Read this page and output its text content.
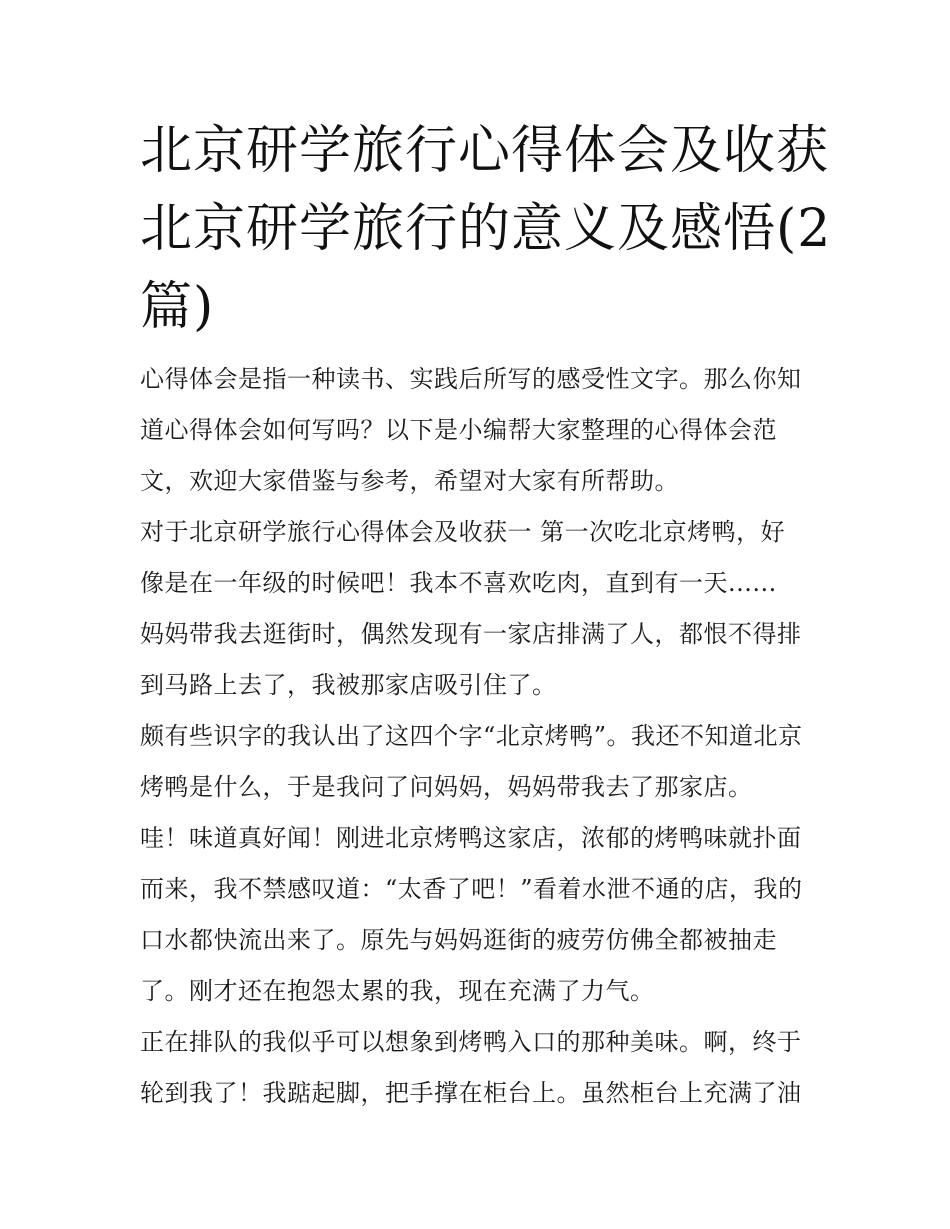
北京研学旅行心得体会及收获
北京研学旅行的意义及感悟(2
篇)

心得体会是指一种读书、实践后所写的感受性文字。那么你知
道心得体会如何写吗？以下是小编帮大家整理的心得体会范
文，欢迎大家借鉴与参考，希望对大家有所帮助。

对于北京研学旅行心得体会及收获一 第一次吃北京烤鸭，好
像是在一年级的时候吧！我本不喜欢吃肉，直到有一天......
妈妈带我去逛街时，偶然发现有一家店排满了人，都恨不得排
到马路上去了，我被那家店吸引住了。

颇有些识字的我认出了这四个字“北京烤鸭”。我还不知道北京
烤鸭是什么，于是我问了问妈妈，妈妈带我去了那家店。

哇！味道真好闻！刚进北京烤鸭这家店，浓郁的烤鸭味就扑面
而来，我不禁感叹道：“太香了吧！”看着水泄不通的店，我的
口水都快流出来了。原先与妈妈逛街的疲劳仿佛全都被抽走
了。刚才还在抱怨太累的我，现在充满了力气。

正在排队的我似乎可以想象到烤鸭入口的那种美味。啊，终于
轮到我了！我踮起脚，把手撑在柜台上。虽然柜台上充满了油
